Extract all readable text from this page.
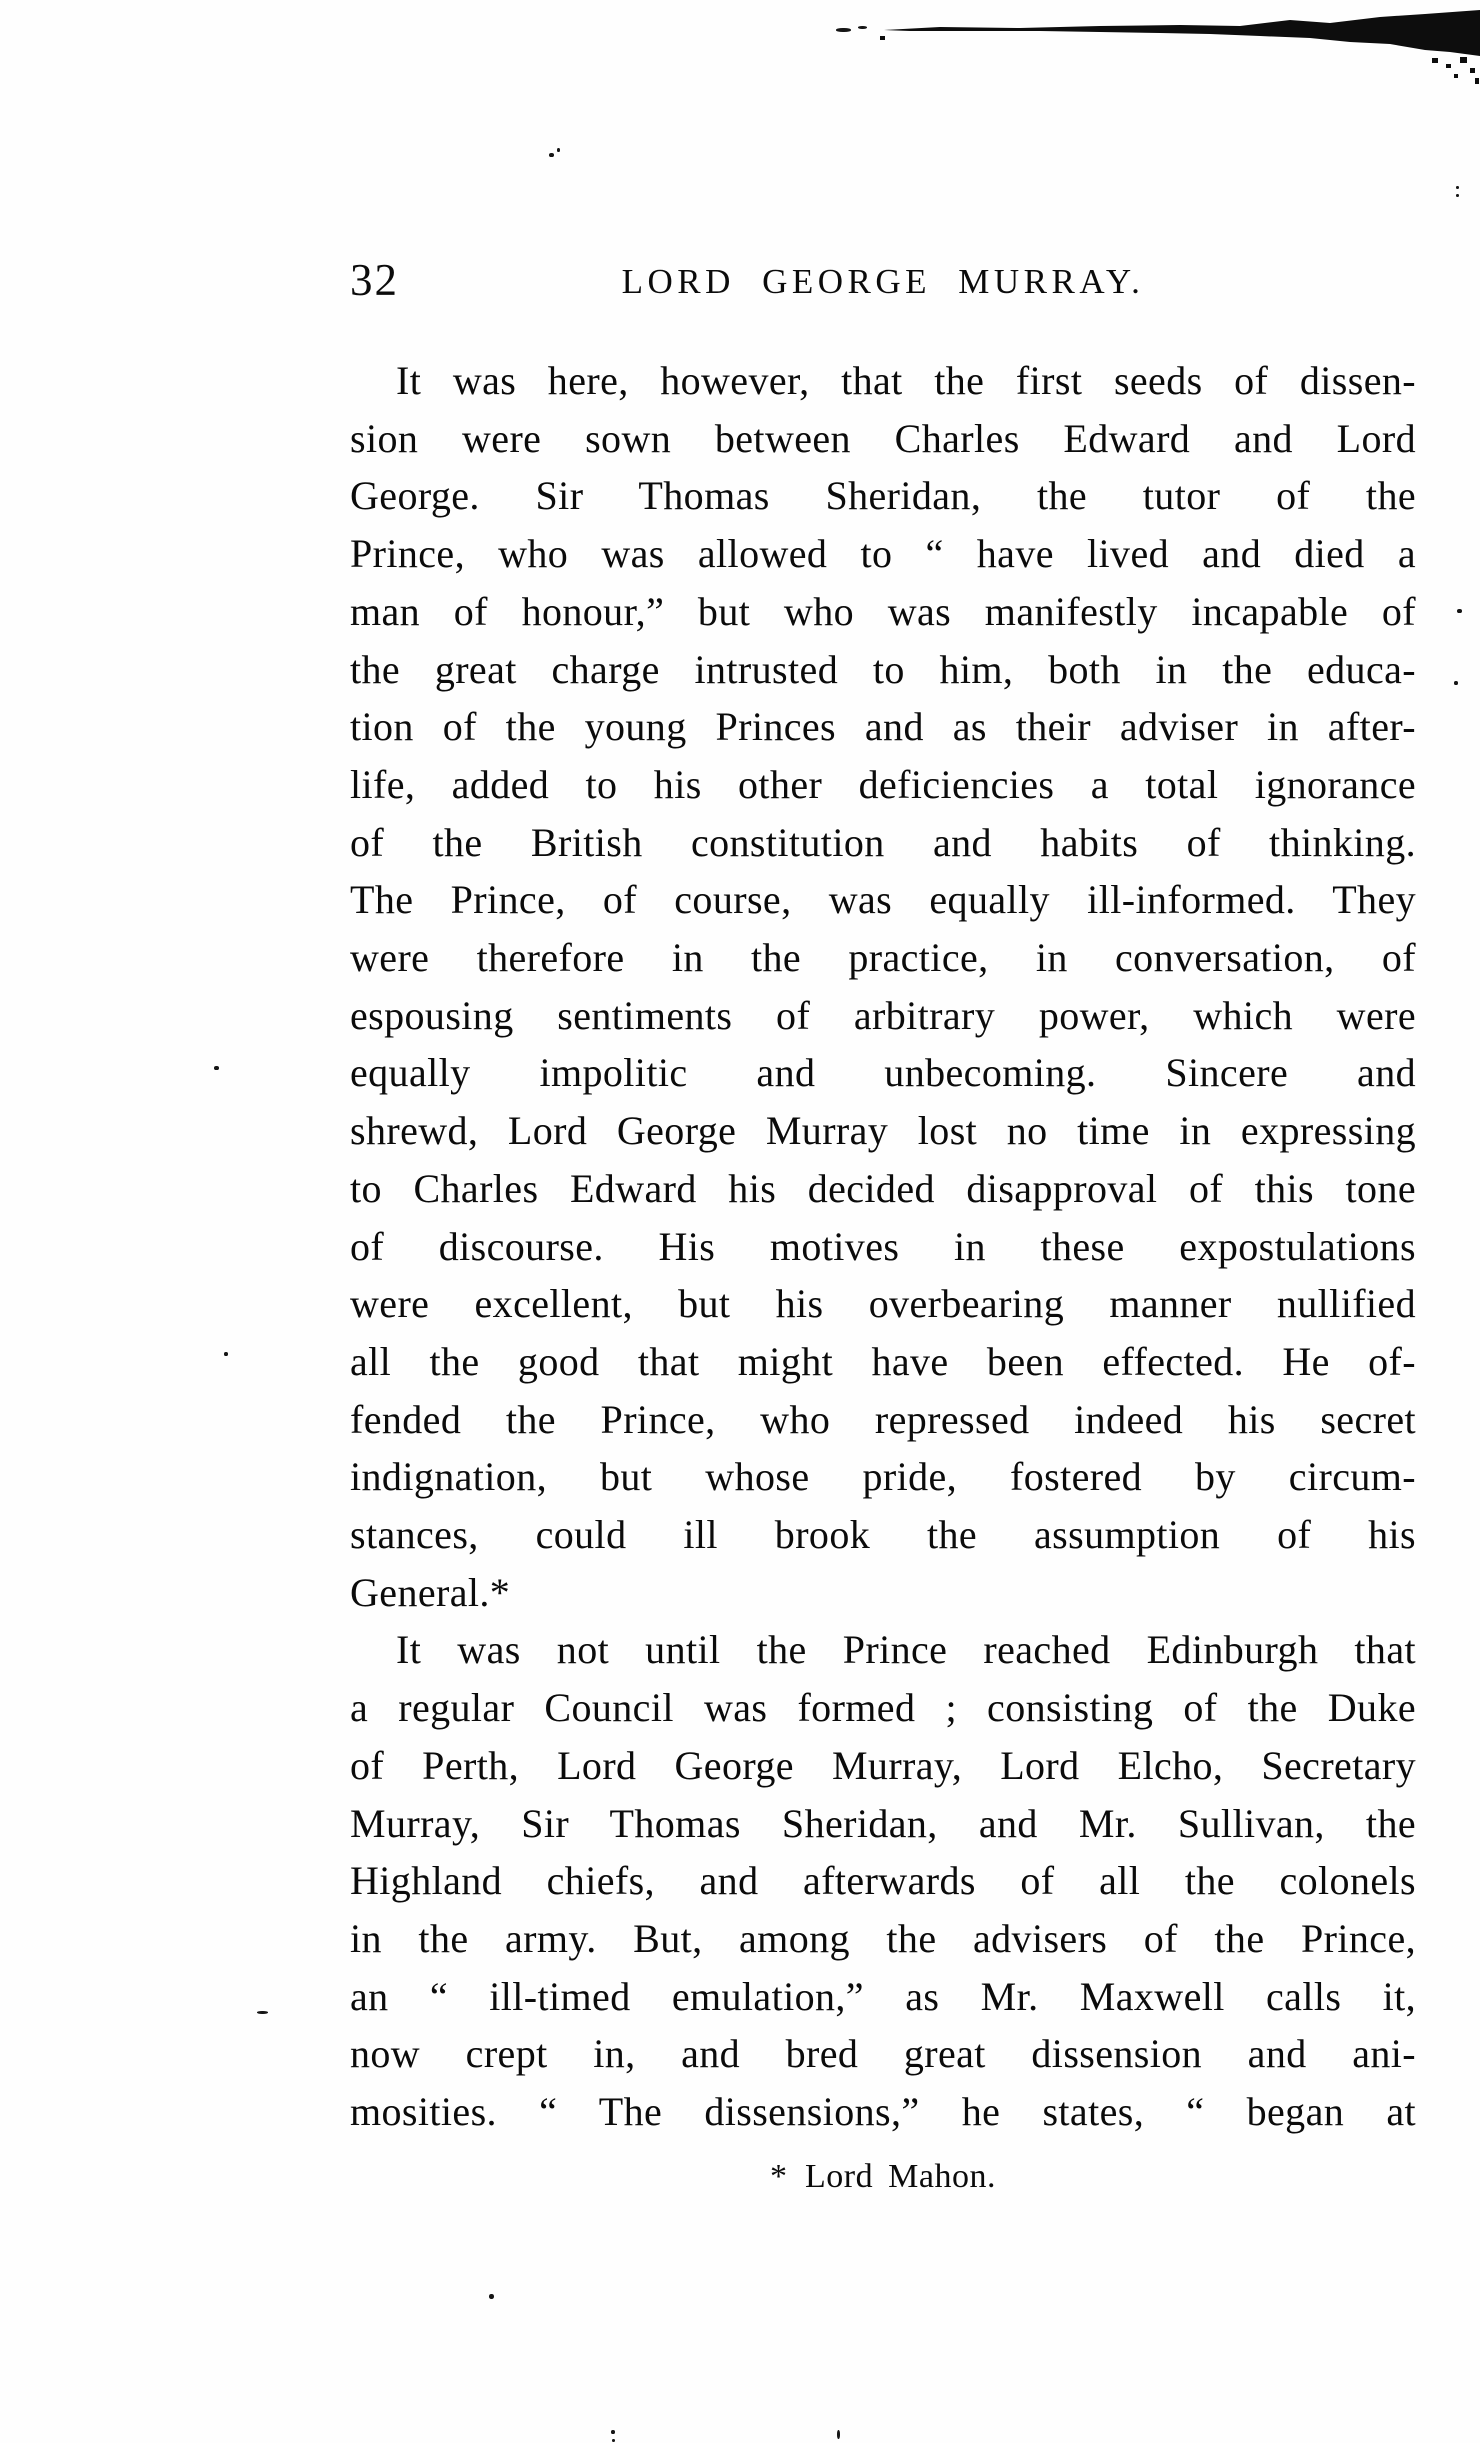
32	LORD GEORGE MURRAY.
It was here, however, that the first seeds of dissen-
sion were sown between Charles Edward and Lord
George. Sir Thomas Sheridan, the tutor of the
Prince, who was allowed to “ have lived and died a
man of honour,” but who was manifestly incapable of
the great charge intrusted to him, both in the educa-
tion of the young Princes and as their adviser in after-
life, added to his other deficiencies a total ignorance
of the British constitution and habits of thinking.
The Prince, of course, was equally ill-informed. They
were therefore in the practice, in conversation, of
espousing sentiments of arbitrary power, which were
equally impolitic and unbecoming. Sincere and
shrewd, Lord George Murray lost no time in expressing
to Charles Edward his decided disapproval of this tone
of discourse. His motives in these expostulations
were excellent, but his overbearing manner nullified
all the good that might have been effected. He of-
fended the Prince, who repressed indeed his secret
indignation, but whose pride, fostered by circum-
stances, could ill brook the assumption of his
General.*
It was not until the Prince reached Edinburgh that
a regular Council was formed ; consisting of the Duke
of Perth, Lord George Murray, Lord Elcho, Secretary
Murray, Sir Thomas Sheridan, and Mr. Sullivan, the
Highland chiefs, and afterwards of all the colonels
in the army. But, among the advisers of the Prince,
an “ ill-timed emulation,” as Mr. Maxwell calls it,
now crept in, and bred great dissension and ani-
mosities. “ The dissensions,” he states, “ began at
* Lord Mahon.
